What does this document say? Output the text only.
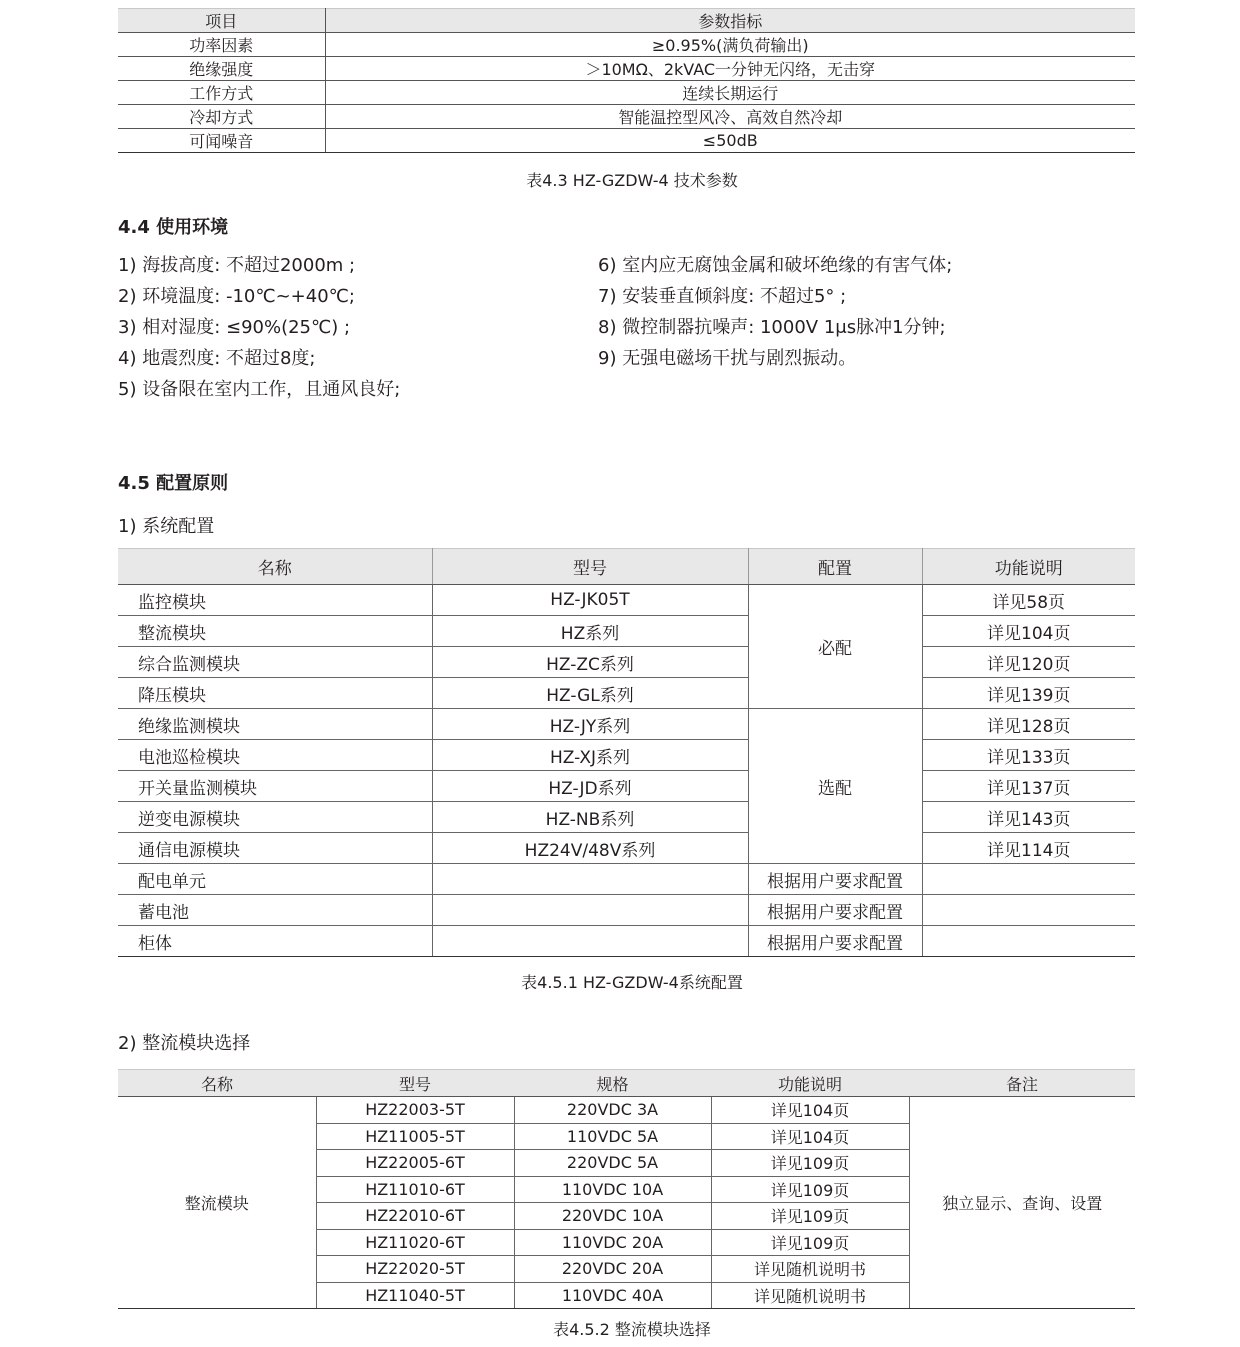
项目	参数指标
功率因素	≥0.95%(满负荷输出)
绝缘强度	＞10MΩ、2kVAC一分钟无闪络，无击穿
工作方式	连续长期运行
冷却方式	智能温控型风冷、高效自然冷却
可闻噪音	≤50dB
表4.3 HZ-GZDW-4 技术参数
4.4 使用环境
1) 海拔高度: 不超过2000m ;
2) 环境温度: -10℃~+40℃;
3) 相对湿度: ≤90%(25℃) ;
4) 地震烈度: 不超过8度;
5) 设备限在室内工作，且通风良好;
6) 室内应无腐蚀金属和破坏绝缘的有害气体;
7) 安装垂直倾斜度: 不超过5° ;
8) 微控制器抗噪声: 1000V 1μs脉冲1分钟;
9) 无强电磁场干扰与剧烈振动。
4.5 配置原则
1) 系统配置
名称	型号	配置	功能说明
监控模块	HZ-JK05T	必配	详见58页
整流模块	HZ系列		详见104页
综合监测模块	HZ-ZC系列		详见120页
降压模块	HZ-GL系列		详见139页
绝缘监测模块	HZ-JY系列	选配	详见128页
电池巡检模块	HZ-XJ系列		详见133页
开关量监测模块	HZ-JD系列		详见137页
逆变电源模块	HZ-NB系列		详见143页
通信电源模块	HZ24V/48V系列		详见114页
配电单元		根据用户要求配置	
蓄电池		根据用户要求配置	
柜体		根据用户要求配置	
表4.5.1 HZ-GZDW-4系统配置
2) 整流模块选择
名称	型号	规格	功能说明	备注
整流模块	HZ22003-5T	220VDC 3A	详见104页	独立显示、查询、设置
	HZ11005-5T	110VDC 5A	详见104页	
	HZ22005-6T	220VDC 5A	详见109页	
	HZ11010-6T	110VDC 10A	详见109页	
	HZ22010-6T	220VDC 10A	详见109页	
	HZ11020-6T	110VDC 20A	详见109页	
	HZ22020-5T	220VDC 20A	详见随机说明书	
	HZ11040-5T	110VDC 40A	详见随机说明书	
表4.5.2 整流模块选择
